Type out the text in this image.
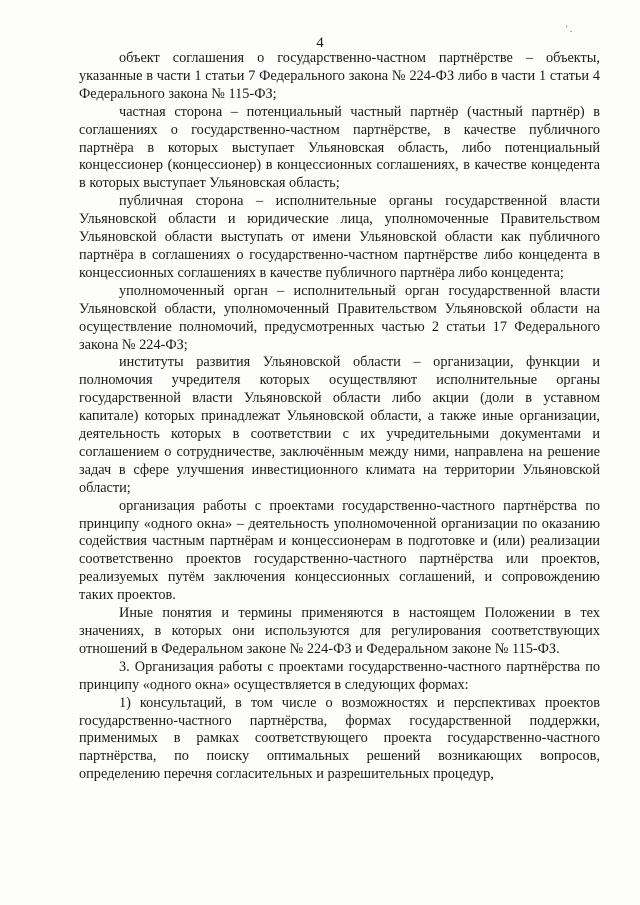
4
' .

объект соглашения о государственно-частном партнёрстве – объекты, указанные в части 1 статьи 7 Федерального закона № 224-ФЗ либо в части 1 статьи 4 Федерального закона № 115-ФЗ;

частная сторона – потенциальный частный партнёр (частный партнёр) в соглашениях о государственно-частном партнёрстве, в качестве публичного партнёра в которых выступает Ульяновская область, либо потенциальный концессионер (концессионер) в концессионных соглашениях, в качестве концедента в которых выступает Ульяновская область;

публичная сторона – исполнительные органы государственной власти Ульяновской области и юридические лица, уполномоченные Правительством Ульяновской области выступать от имени Ульяновской области как публичного партнёра в соглашениях о государственно-частном партнёрстве либо концедента в концессионных соглашениях в качестве публичного партнёра либо концедента;

уполномоченный орган – исполнительный орган государственной власти Ульяновской области, уполномоченный Правительством Ульяновской области на осуществление полномочий, предусмотренных частью 2 статьи 17 Федерального закона № 224-ФЗ;

институты развития Ульяновской области – организации, функции и полномочия учредителя которых осуществляют исполнительные органы государственной власти Ульяновской области либо акции (доли в уставном капитале) которых принадлежат Ульяновской области, а также иные организации, деятельность которых в соответствии с их учредительными документами и соглашением о сотрудничестве, заключённым между ними, направлена на решение задач в сфере улучшения инвестиционного климата на территории Ульяновской области;

организация работы с проектами государственно-частного партнёрства по принципу «одного окна» – деятельность уполномоченной организации по оказанию содействия частным партнёрам и концессионерам в подготовке и (или) реализации соответственно проектов государственно-частного партнёрства или проектов, реализуемых путём заключения концессионных соглашений, и сопровождению таких проектов.

Иные понятия и термины применяются в настоящем Положении в тех значениях, в которых они используются для регулирования соответствующих отношений в Федеральном законе № 224-ФЗ и Федеральном законе № 115-ФЗ.

3. Организация работы с проектами государственно-частного партнёрства по принципу «одного окна» осуществляется в следующих формах:

1) консультаций, в том числе о возможностях и перспективах проектов государственно-частного партнёрства, формах государственной поддержки, применимых в рамках соответствующего проекта государственно-частного партнёрства, по поиску оптимальных решений возникающих вопросов, определению перечня согласительных и разрешительных процедур,
